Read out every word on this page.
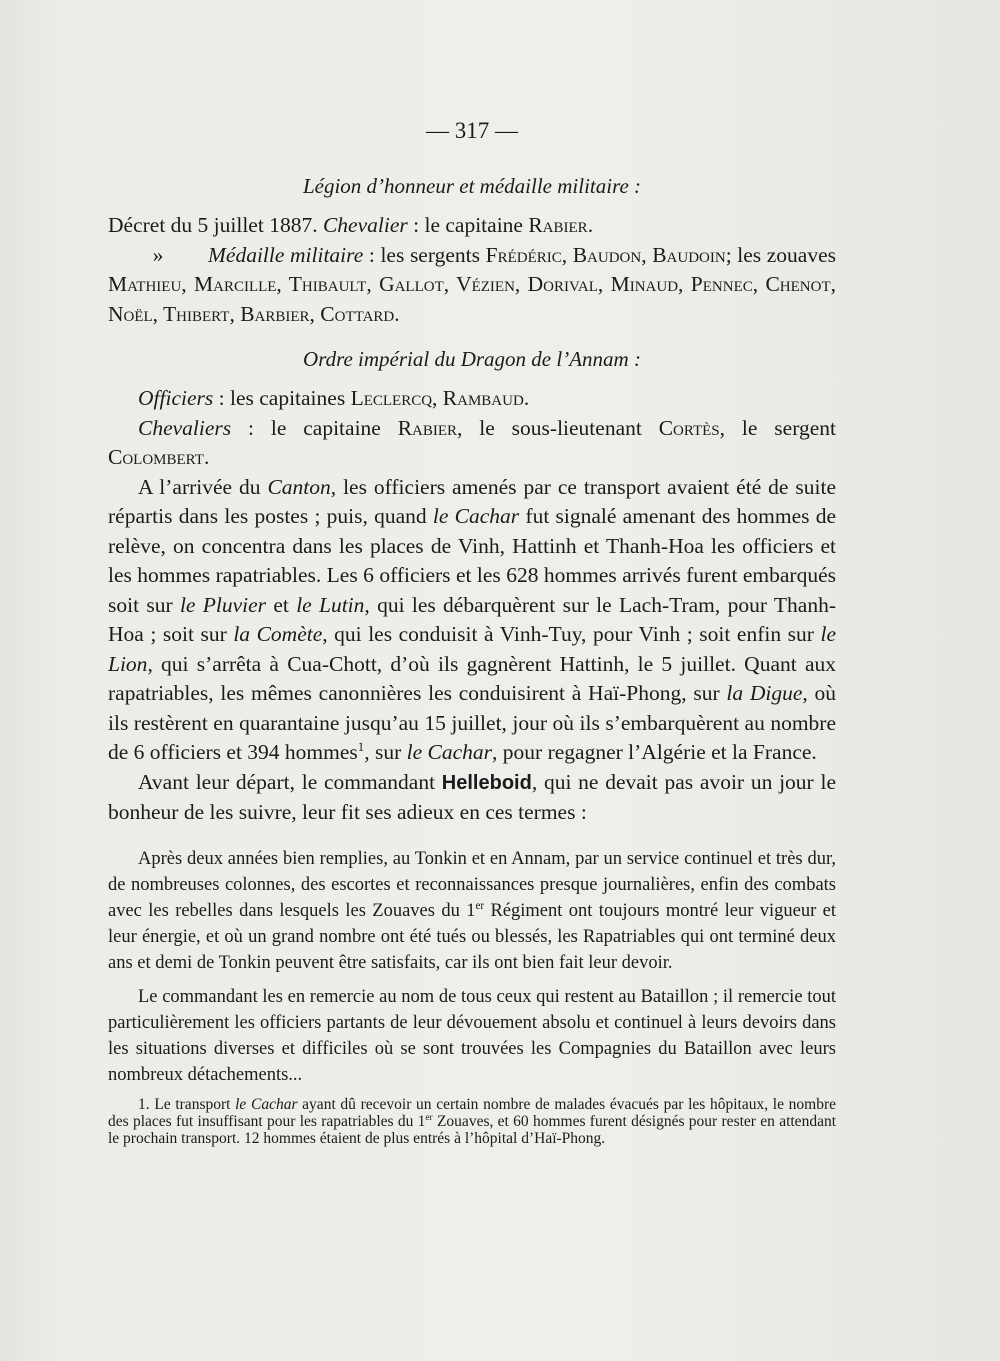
— 317 —
Légion d’honneur et médaille militaire :

Décret du 5 juillet 1887. Chevalier : le capitaine Rabier.

» Médaille militaire : les sergents Frédéric, Baudon, Baudoin; les zouaves Mathieu, Marcille, Thibault, Gallot, Vézien, Dorival, Minaud, Pennec, Chenot, Noël, Thibert, Barbier, Cottard.

Ordre impérial du Dragon de l’Annam :

Officiers : les capitaines Leclercq, Rambaud.

Chevaliers : le capitaine Rabier, le sous-lieutenant Cortès, le sergent Colombert.

A l’arrivée du Canton, les officiers amenés par ce transport avaient été de suite répartis dans les postes ; puis, quand le Cachar fut signalé amenant des hommes de relève, on concentra dans les places de Vinh, Hattinh et Thanh-Hoa les officiers et les hommes rapatriables. Les 6 officiers et les 628 hommes arrivés furent embarqués soit sur le Pluvier et le Lutin, qui les débarquèrent sur le Lach-Tram, pour Thanh-Hoa ; soit sur la Comète, qui les conduisit à Vinh-Tuy, pour Vinh ; soit enfin sur le Lion, qui s’arrêta à Cua-Chott, d’où ils gagnèrent Hattinh, le 5 juillet. Quant aux rapatriables, les mêmes canonnières les conduisirent à Haï-Phong, sur la Digue, où ils restèrent en quarantaine jusqu’au 15 juillet, jour où ils s’embarquèrent au nombre de 6 officiers et 394 hommes$^1$, sur le Cachar, pour regagner l’Algérie et la France.

Avant leur départ, le commandant Helleboid, qui ne devait pas avoir un jour le bonheur de les suivre, leur fit ses adieux en ces termes :

Après deux années bien remplies, au Tonkin et en Annam, par un service continuel et très dur, de nombreuses colonnes, des escortes et reconnaissances presque journalières, enfin des combats avec les rebelles dans lesquels les Zouaves du 1er Régiment ont toujours montré leur vigueur et leur énergie, et où un grand nombre ont été tués ou blessés, les Rapatriables qui ont terminé deux ans et demi de Tonkin peuvent être satisfaits, car ils ont bien fait leur devoir.

Le commandant les en remercie au nom de tous ceux qui restent au Bataillon ; il remercie tout particulièrement les officiers partants de leur dévouement absolu et continuel à leurs devoirs dans les situations diverses et difficiles où se sont trouvées les Compagnies du Bataillon avec leurs nombreux détachements...

1. Le transport le Cachar ayant dû recevoir un certain nombre de malades évacués par les hôpitaux, le nombre des places fut insuffisant pour les rapatriables du 1er Zouaves, et 60 hommes furent désignés pour rester en attendant le prochain transport. 12 hommes étaient de plus entrés à l’hôpital d’Haï-Phong.
